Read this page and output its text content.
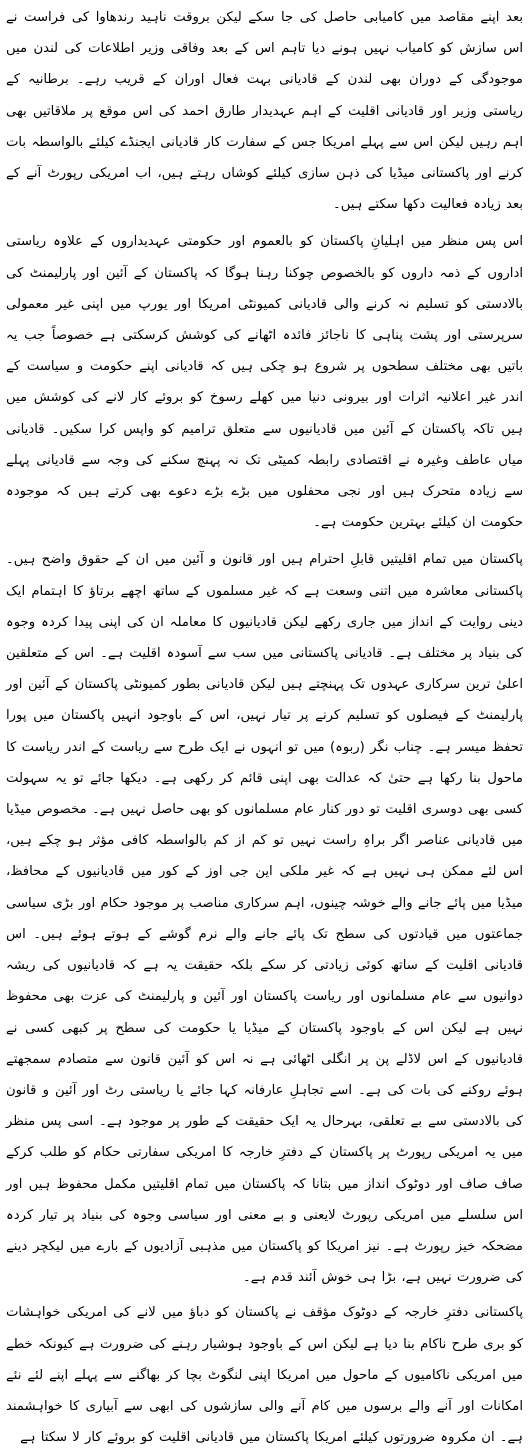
بعد اپنے مقاصد میں کامیابی حاصل کی جا سکے لیکن بروقت ناہید رندھاوا کی فراست نے اس سازش کو کامیاب نہیں ہونے دیا تاہم اس کے بعد وفاقی وزیر اطلاعات کی لندن میں موجودگی کے دوران بھی لندن کے قادیانی بہت فعال اوران کے قریب رہے۔ برطانیہ کے ریاستی وزیر اور قادیانی اقلیت کے اہم عہدیدار طارق احمد کی اس موقع پر ملاقاتیں بھی اہم رہیں لیکن اس سے پہلے امریکا جس کے سفارت کار قادیانی ایجنڈے کیلئے بالواسطہ بات کرنے اور پاکستانی میڈیا کی ذہن سازی کیلئے کوشاں رہتے ہیں، اب امریکی رپورٹ آنے کے بعد زیادہ فعالیت دکھا سکتے ہیں۔

اس پس منظر میں اہلیانِ پاکستان کو بالعموم اور حکومتی عہدیداروں کے علاوہ ریاستی اداروں کے ذمہ داروں کو بالخصوص چوکنا رہنا ہوگا کہ پاکستان کے آئین اور پارلیمنٹ کی بالادستی کو تسلیم نہ کرنے والی قادیانی کمیونٹی امریکا اور یورپ میں اپنی غیر معمولی سرپرستی اور پشت پناہی کا ناجائز فائدہ اٹھانے کی کوشش کرسکتی ہے خصوصاً جب یہ باتیں بھی مختلف سطحوں پر شروع ہو چکی ہیں کہ قادیانی اپنے حکومت و سیاست کے اندر غیر اعلانیہ اثرات اور بیرونی دنیا میں کھلے رسوخ کو بروئے کار لانے کی کوشش میں ہیں تاکہ پاکستان کے آئین میں قادیانیوں سے متعلق ترامیم کو واپس کرا سکیں۔ قادیانی میاں عاطف وغیرہ نے اقتصادی رابطہ کمیٹی تک نہ پہنچ سکنے کی وجہ سے قادیانی پہلے سے زیادہ متحرک ہیں اور نجی محفلوں میں بڑے بڑے دعوے بھی کرتے ہیں کہ موجودہ حکومت ان کیلئے بہترین حکومت ہے۔

پاکستان میں تمام اقلیتیں قابلِ احترام ہیں اور قانون و آئین میں ان کے حقوق واضح ہیں۔ پاکستانی معاشرہ میں اتنی وسعت ہے کہ غیر مسلموں کے ساتھ اچھے برتاؤ کا اہتمام ایک دینی روایت کے انداز میں جاری رکھے لیکن قادیانیوں کا معاملہ ان کی اپنی پیدا کردہ وجوہ کی بنیاد پر مختلف ہے۔ قادیانی پاکستانی میں سب سے آسودہ اقلیت ہے۔ اس کے متعلقین اعلیٰ ترین سرکاری عہدوں تک پہنچتے ہیں لیکن قادیانی بطور کمیونٹی پاکستان کے آئین اور پارلیمنٹ کے فیصلوں کو تسلیم کرنے پر تیار نہیں، اس کے باوجود انہیں پاکستان میں پورا تحفظ میسر ہے۔ چناب نگر (ربوہ) میں تو انہوں نے ایک طرح سے ریاست کے اندر ریاست کا ماحول بنا رکھا ہے حتیٰ کہ عدالت بھی اپنی قائم کر رکھی ہے۔ دیکھا جائے تو یہ سہولت کسی بھی دوسری اقلیت تو دور کنار عام مسلمانوں کو بھی حاصل نہیں ہے۔ مخصوص میڈیا میں قادیانی عناصر اگر براہِ راست نہیں تو کم از کم بالواسطہ کافی مؤثر ہو چکے ہیں، اس لئے ممکن ہی نہیں ہے کہ غیر ملکی این جی اوز کے کور میں قادیانیوں کے محافظ، میڈیا میں پائے جانے والے خوشہ چینوں، اہم سرکاری مناصب پر موجود حکام اور بڑی سیاسی جماعتوں میں قیادتوں کی سطح تک پائے جانے والے نرم گوشے کے ہوتے ہوئے ہیں۔ اس قادیانی اقلیت کے ساتھ کوئی زیادتی کر سکے بلکہ حقیقت یہ ہے کہ قادیانیوں کی ریشہ دوانیوں سے عام مسلمانوں اور ریاست پاکستان اور آئین و پارلیمنٹ کی عزت بھی محفوظ نہیں ہے لیکن اس کے باوجود پاکستان کے میڈیا یا حکومت کی سطح پر کبھی کسی نے قادیانیوں کے اس لاڈلے پن پر انگلی اٹھائی ہے نہ اس کو آئین قانون سے متصادم سمجھتے ہوئے روکنے کی بات کی ہے۔ اسے تجاہلِ عارفانہ کہا جائے یا ریاستی رٹ اور آئین و قانون کی بالادستی سے بے تعلقی، بہرحال یہ ایک حقیقت کے طور پر موجود ہے۔ اسی پس منظر میں یہ امریکی رپورٹ پر پاکستان کے دفترِ خارجہ کا امریکی سفارتی حکام کو طلب کرکے صاف صاف اور دوٹوک انداز میں بتانا کہ پاکستان میں تمام اقلیتیں مکمل محفوظ ہیں اور اس سلسلے میں امریکی رپورٹ لایعنی و بے معنی اور سیاسی وجوہ کی بنیاد پر تیار کردہ مضحکہ خیز رپورٹ ہے۔ نیز امریکا کو پاکستان میں مذہبی آزادیوں کے بارے میں لیکچر دینے کی ضرورت نہیں ہے، بڑا ہی خوش آئند قدم ہے۔

پاکستانی دفترِ خارجہ کے دوٹوک مؤقف نے پاکستان کو دباؤ میں لانے کی امریکی خواہشات کو بری طرح ناکام بنا دیا ہے لیکن اس کے باوجود ہوشیار رہنے کی ضرورت ہے کیونکہ خطے میں امریکی ناکامیوں کے ماحول میں امریکا اپنی لنگوٹ بچا کر بھاگنے سے پہلے اپنے لئے نئے امکانات اور آنے والے برسوں میں کام آنے والی سازشوں کی ابھی سے آبیاری کا خواہشمند ہے۔ ان مکروہ ضرورتوں کیلئے امریکا پاکستان میں قادیانی اقلیت کو بروئے کار لا سکتا ہے
